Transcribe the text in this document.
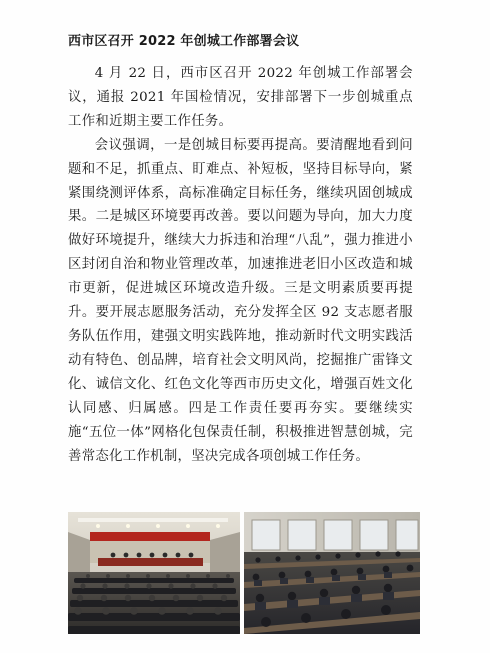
西市区召开 2022 年创城工作部署会议

4 月 22 日，西市区召开 2022 年创城工作部署会议，通报 2021 年国检情况，安排部署下一步创城重点工作和近期主要工作任务。

会议强调，一是创城目标要再提高。要清醒地看到问题和不足，抓重点、盯难点、补短板，坚持目标导向，紧紧围绕测评体系，高标准确定目标任务，继续巩固创城成果。二是城区环境要再改善。要以问题为导向，加大力度做好环境提升，继续大力拆违和治理“八乱”，强力推进小区封闭自治和物业管理改革，加速推进老旧小区改造和城市更新，促进城区环境改造升级。三是文明素质要再提升。要开展志愿服务活动，充分发挥全区 92 支志愿者服务队伍作用，建强文明实践阵地，推动新时代文明实践活动有特色、创品牌，培育社会文明风尚，挖掘推广雷锋文化、诚信文化、红色文化等西市历史文化，增强百姓文化认同感、归属感。四是工作责任要再夯实。要继续实施“五位一体”网格化包保责任制，积极推进智慧创城，完善常态化工作机制，坚决完成各项创城工作任务。
